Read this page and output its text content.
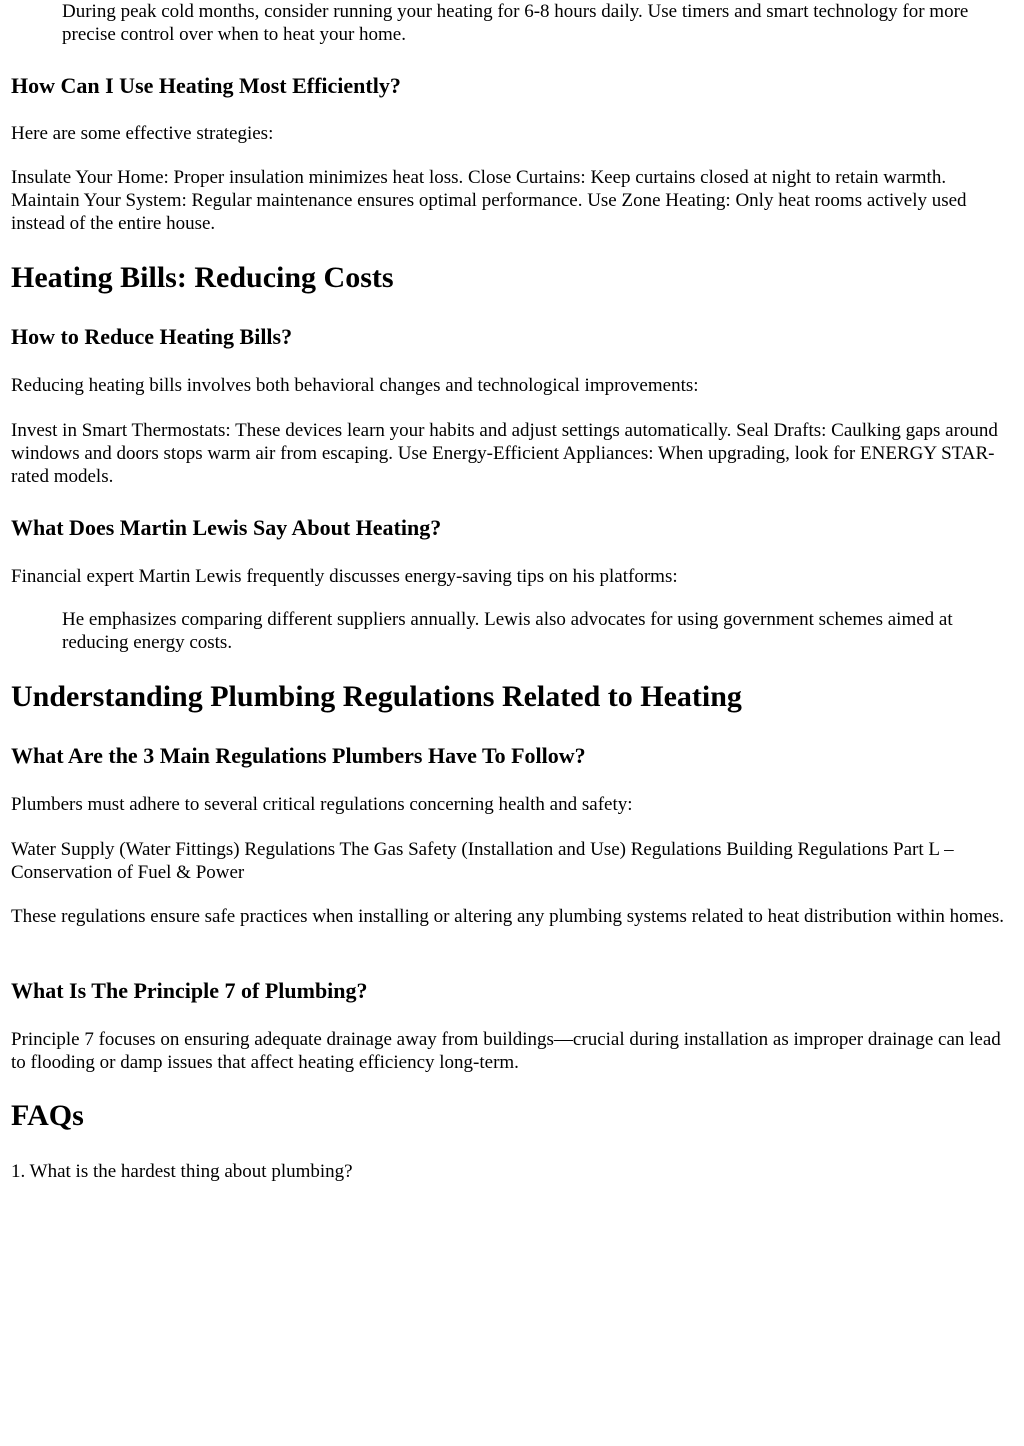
During peak cold months, consider running your heating for 6-8 hours daily. Use timers and smart technology for more precise control over when to heat your home.

How Can I Use Heating Most Efficiently?

Here are some effective strategies:

Insulate Your Home: Proper insulation minimizes heat loss. Close Curtains: Keep curtains closed at night to retain warmth. Maintain Your System: Regular maintenance ensures optimal performance. Use Zone Heating: Only heat rooms actively used instead of the entire house.

Heating Bills: Reducing Costs
How to Reduce Heating Bills?

Reducing heating bills involves both behavioral changes and technological improvements:

Invest in Smart Thermostats: These devices learn your habits and adjust settings automatically. Seal Drafts: Caulking gaps around windows and doors stops warm air from escaping. Use Energy-Efficient Appliances: When upgrading, look for ENERGY STAR-rated models.

What Does Martin Lewis Say About Heating?

Financial expert Martin Lewis frequently discusses energy-saving tips on his platforms:

He emphasizes comparing different suppliers annually. Lewis also advocates for using government schemes aimed at reducing energy costs.

Understanding Plumbing Regulations Related to Heating
What Are the 3 Main Regulations Plumbers Have To Follow?

Plumbers must adhere to several critical regulations concerning health and safety:

Water Supply (Water Fittings) Regulations The Gas Safety (Installation and Use) Regulations Building Regulations Part L – Conservation of Fuel & Power

These regulations ensure safe practices when installing or altering any plumbing systems related to heat distribution within homes.

What Is The Principle 7 of Plumbing?

Principle 7 focuses on ensuring adequate drainage away from buildings—crucial during installation as improper drainage can lead to flooding or damp issues that affect heating efficiency long-term.

FAQs

1. What is the hardest thing about plumbing?
